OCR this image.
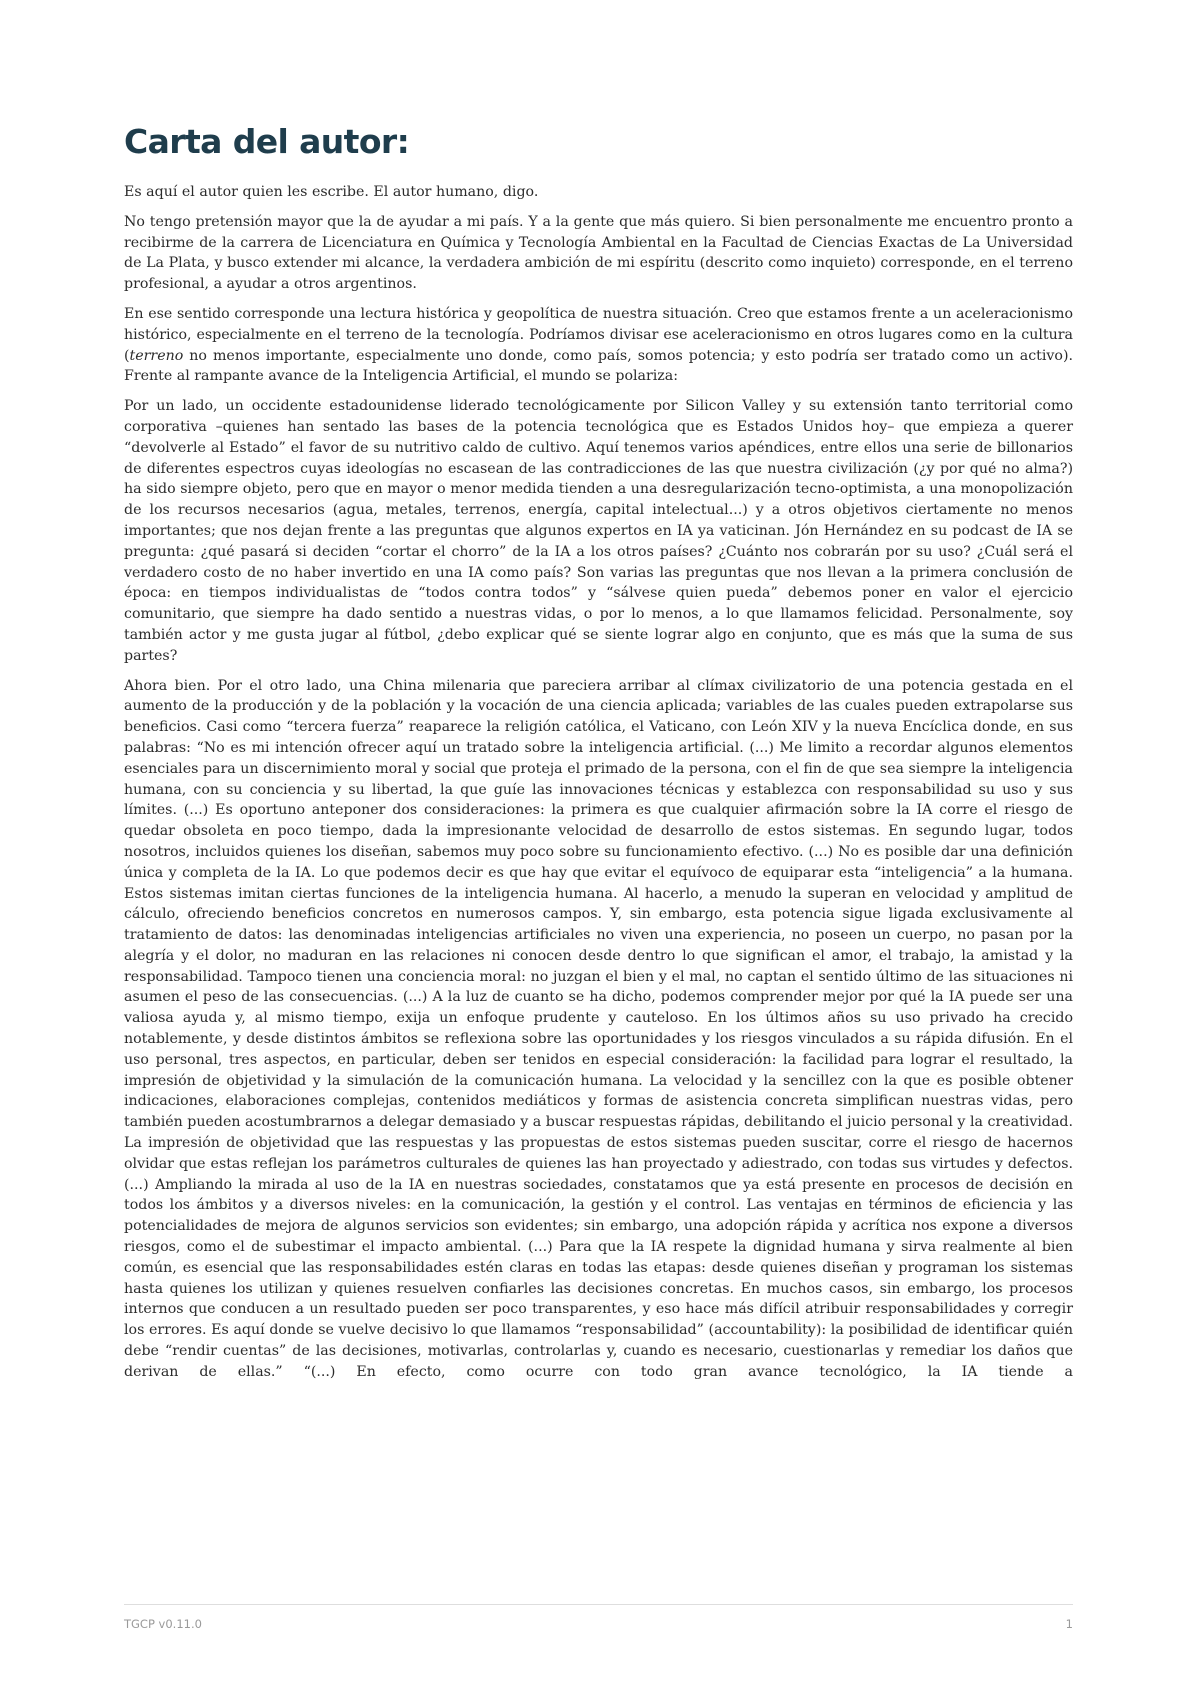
Carta del autor:

Es aquí el autor quien les escribe. El autor humano, digo.

No tengo pretensión mayor que la de ayudar a mi país. Y a la gente que más quiero. Si bien personalmente me encuentro pronto a recibirme de la carrera de Licenciatura en Química y Tecnología Ambiental en la Facultad de Ciencias Exactas de La Universidad de La Plata, y busco extender mi alcance, la verdadera ambición de mi espíritu (descrito como inquieto) corresponde, en el terreno profesional, a ayudar a otros argentinos.

En ese sentido corresponde una lectura histórica y geopolítica de nuestra situación. Creo que estamos frente a un aceleracionismo histórico, especialmente en el terreno de la tecnología. Podríamos divisar ese aceleracionismo en otros lugares como en la cultura (terreno no menos importante, especialmente uno donde, como país, somos potencia; y esto podría ser tratado como un activo). Frente al rampante avance de la Inteligencia Artificial, el mundo se polariza:

Por un lado, un occidente estadounidense liderado tecnológicamente por Silicon Valley y su extensión tanto territorial como corporativa –quienes han sentado las bases de la potencia tecnológica que es Estados Unidos hoy– que empieza a querer “devolverle al Estado” el favor de su nutritivo caldo de cultivo. Aquí tenemos varios apéndices, entre ellos una serie de billonarios de diferentes espectros cuyas ideologías no escasean de las contradicciones de las que nuestra civilización (¿y por qué no alma?) ha sido siempre objeto, pero que en mayor o menor medida tienden a una desregularización tecno-optimista, a una monopolización de los recursos necesarios (agua, metales, terrenos, energía, capital intelectual...) y a otros objetivos ciertamente no menos importantes; que nos dejan frente a las preguntas que algunos expertos en IA ya vaticinan. Jón Hernández en su podcast de IA se pregunta: ¿qué pasará si deciden “cortar el chorro” de la IA a los otros países? ¿Cuánto nos cobrarán por su uso? ¿Cuál será el verdadero costo de no haber invertido en una IA como país? Son varias las preguntas que nos llevan a la primera conclusión de época: en tiempos individualistas de “todos contra todos” y “sálvese quien pueda” debemos poner en valor el ejercicio comunitario, que siempre ha dado sentido a nuestras vidas, o por lo menos, a lo que llamamos felicidad. Personalmente, soy también actor y me gusta jugar al fútbol, ¿debo explicar qué se siente lograr algo en conjunto, que es más que la suma de sus partes?

Ahora bien. Por el otro lado, una China milenaria que pareciera arribar al clímax civilizatorio de una potencia gestada en el aumento de la producción y de la población y la vocación de una ciencia aplicada; variables de las cuales pueden extrapolarse sus beneficios. Casi como “tercera fuerza” reaparece la religión católica, el Vaticano, con León XIV y la nueva Encíclica donde, en sus palabras: “No es mi intención ofrecer aquí un tratado sobre la inteligencia artificial. (...) Me limito a recordar algunos elementos esenciales para un discernimiento moral y social que proteja el primado de la persona, con el fin de que sea siempre la inteligencia humana, con su conciencia y su libertad, la que guíe las innovaciones técnicas y establezca con responsabilidad su uso y sus límites. (...) Es oportuno anteponer dos consideraciones: la primera es que cualquier afirmación sobre la IA corre el riesgo de quedar obsoleta en poco tiempo, dada la impresionante velocidad de desarrollo de estos sistemas. En segundo lugar, todos nosotros, incluidos quienes los diseñan, sabemos muy poco sobre su funcionamiento efectivo. (...) No es posible dar una definición única y completa de la IA. Lo que podemos decir es que hay que evitar el equívoco de equiparar esta “inteligencia” a la humana. Estos sistemas imitan ciertas funciones de la inteligencia humana. Al hacerlo, a menudo la superan en velocidad y amplitud de cálculo, ofreciendo beneficios concretos en numerosos campos. Y, sin embargo, esta potencia sigue ligada exclusivamente al tratamiento de datos: las denominadas inteligencias artificiales no viven una experiencia, no poseen un cuerpo, no pasan por la alegría y el dolor, no maduran en las relaciones ni conocen desde dentro lo que significan el amor, el trabajo, la amistad y la responsabilidad. Tampoco tienen una conciencia moral: no juzgan el bien y el mal, no captan el sentido último de las situaciones ni asumen el peso de las consecuencias. (...) A la luz de cuanto se ha dicho, podemos comprender mejor por qué la IA puede ser una valiosa ayuda y, al mismo tiempo, exija un enfoque prudente y cauteloso. En los últimos años su uso privado ha crecido notablemente, y desde distintos ámbitos se reflexiona sobre las oportunidades y los riesgos vinculados a su rápida difusión. En el uso personal, tres aspectos, en particular, deben ser tenidos en especial consideración: la facilidad para lograr el resultado, la impresión de objetividad y la simulación de la comunicación humana. La velocidad y la sencillez con la que es posible obtener indicaciones, elaboraciones complejas, contenidos mediáticos y formas de asistencia concreta simplifican nuestras vidas, pero también pueden acostumbrarnos a delegar demasiado y a buscar respuestas rápidas, debilitando el juicio personal y la creatividad. La impresión de objetividad que las respuestas y las propuestas de estos sistemas pueden suscitar, corre el riesgo de hacernos olvidar que estas reflejan los parámetros culturales de quienes las han proyectado y adiestrado, con todas sus virtudes y defectos. (...) Ampliando la mirada al uso de la IA en nuestras sociedades, constatamos que ya está presente en procesos de decisión en todos los ámbitos y a diversos niveles: en la comunicación, la gestión y el control. Las ventajas en términos de eficiencia y las potencialidades de mejora de algunos servicios son evidentes; sin embargo, una adopción rápida y acrítica nos expone a diversos riesgos, como el de subestimar el impacto ambiental. (...) Para que la IA respete la dignidad humana y sirva realmente al bien común, es esencial que las responsabilidades estén claras en todas las etapas: desde quienes diseñan y programan los sistemas hasta quienes los utilizan y quienes resuelven confiarles las decisiones concretas. En muchos casos, sin embargo, los procesos internos que conducen a un resultado pueden ser poco transparentes, y eso hace más difícil atribuir responsabilidades y corregir los errores. Es aquí donde se vuelve decisivo lo que llamamos “responsabilidad” (accountability): la posibilidad de identificar quién debe “rendir cuentas” de las decisiones, motivarlas, controlarlas y, cuando es necesario, cuestionarlas y remediar los daños que derivan de ellas.” “(...) En efecto, como ocurre con todo gran avance tecnológico, la IA tiende a

TGCP v0.11.0	1
